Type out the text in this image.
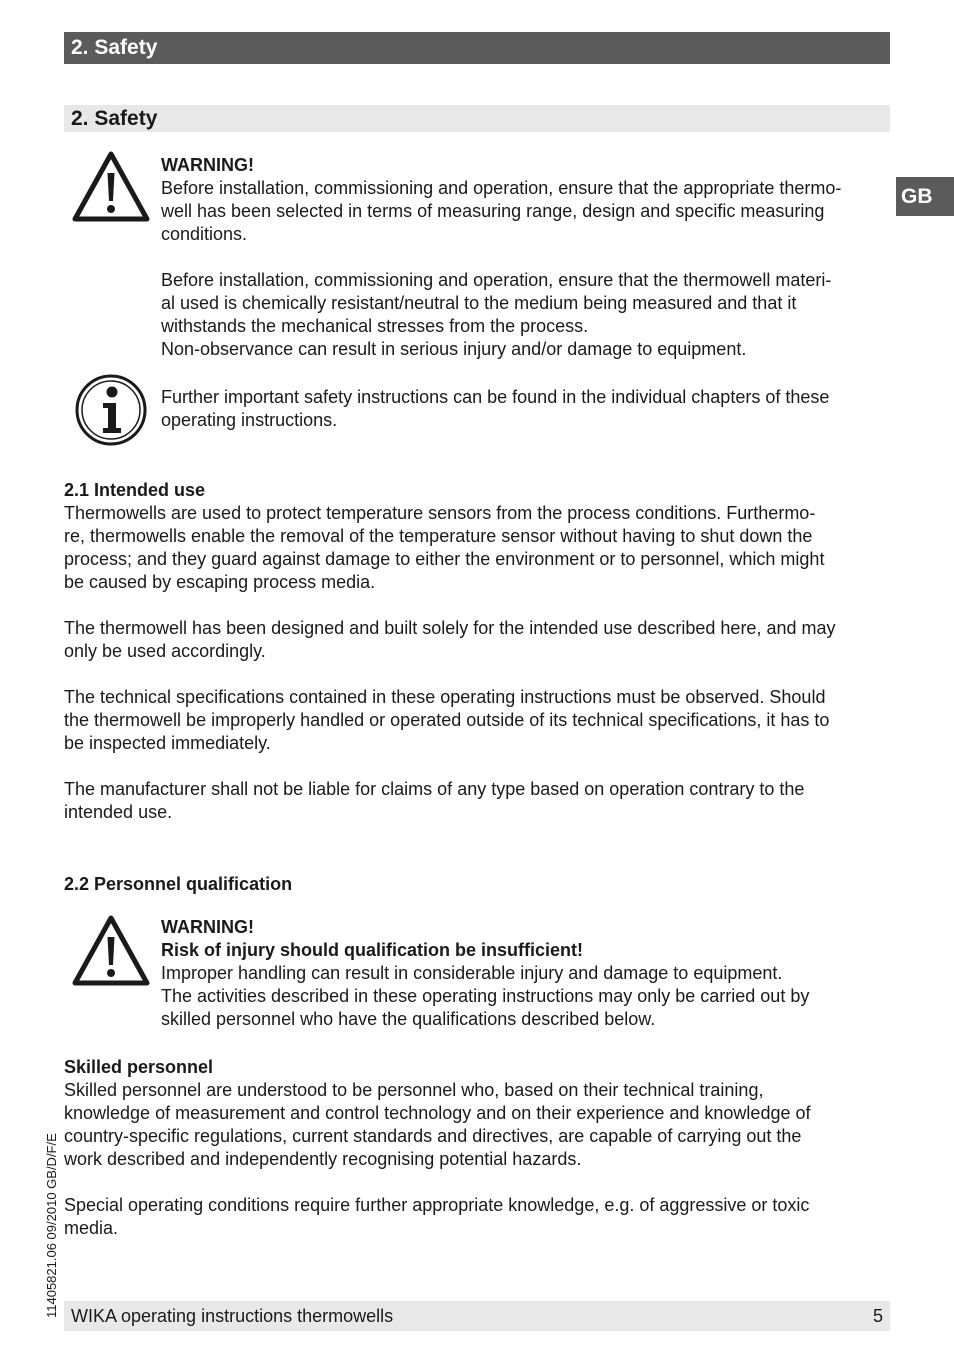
2. Safety
2. Safety
GB

WARNING!

Before installation, commissioning and operation, ensure that the appropriate thermo-

well has been selected in terms of measuring range, design and specific measuring

conditions.

Before installation, commissioning and operation, ensure that the thermowell materi-

al used is chemically resistant/neutral to the medium being measured and that it

withstands the mechanical stresses from the process.

Non-observance can result in serious injury and/or damage to equipment.

Further important safety instructions can be found in the individual chapters of these

operating instructions.

2.1 Intended use

Thermowells are used to protect temperature sensors from the process conditions. Furthermo-

re, thermowells enable the removal of the temperature sensor without having to shut down the

process; and they guard against damage to either the environment or to personnel, which might

be caused by escaping process media.

The thermowell has been designed and built solely for the intended use described here, and may

only be used accordingly.

The technical specifications contained in these operating instructions must be observed. Should

the thermowell be improperly handled or operated outside of its technical specifications, it has to

be inspected immediately.

The manufacturer shall not be liable for claims of any type based on operation contrary to the

intended use.

2.2 Personnel qualification

WARNING!

Risk of injury should qualification be insufficient!

Improper handling can result in considerable injury and damage to equipment.

The activities described in these operating instructions may only be carried out by

skilled personnel who have the qualifications described below.

Skilled personnel

Skilled personnel are understood to be personnel who, based on their technical training,

knowledge of measurement and control technology and on their experience and knowledge of

country-specific regulations, current standards and directives, are capable of carrying out the

work described and independently recognising potential hazards.

Special operating conditions require further appropriate knowledge, e.g. of aggressive or toxic

media.

11405821.06 09/2010 GB/D/F/E WIKA operating instructions thermowells	5
